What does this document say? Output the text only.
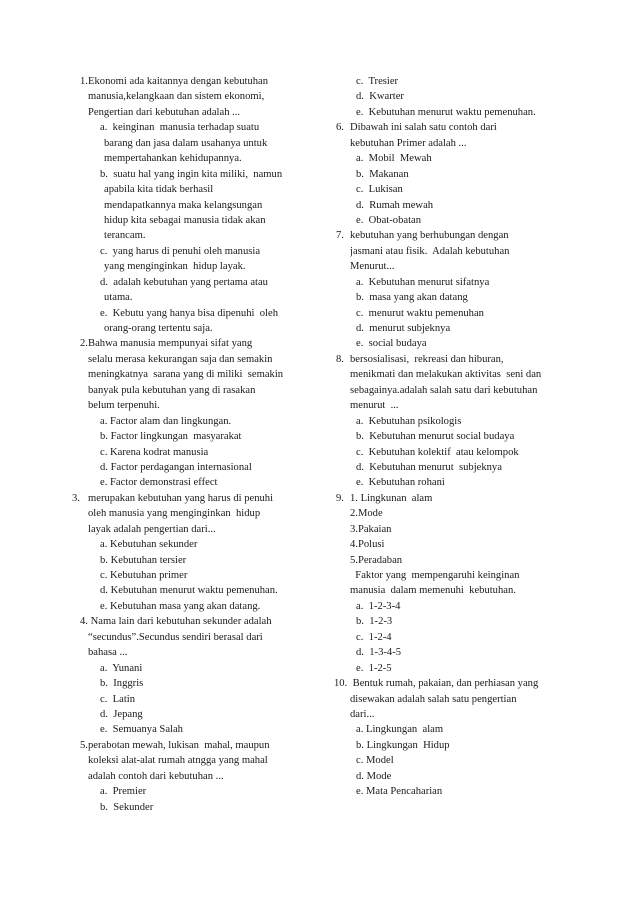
1. Ekonomi ada kaitannya dengan kebutuhan
manusia,kelangkaan dan sistem ekonomi,
Pengertian dari kebutuhan adalah ...
a.  keinginan  manusia terhadap suatu
barang dan jasa dalam usahanya untuk
mempertahankan kehidupannya.
b.  suatu hal yang ingin kita miliki,  namun
apabila kita tidak berhasil
mendapatkannya maka kelangsungan
hidup kita sebagai manusia tidak akan
terancam.
c.  yang harus di penuhi oleh manusia
yang menginginkan  hidup layak.
d.  adalah kebutuhan yang pertama atau
utama.
e.  Kebutu yang hanya bisa dipenuhi  oleh
orang-orang tertentu saja.
2. Bahwa manusia mempunyai sifat yang
selalu merasa kekurangan saja dan semakin
meningkatnya  sarana yang di miliki  semakin
banyak pula kebutuhan yang di rasakan
belum terpenuhi.
a. Factor alam dan lingkungan.
b. Factor lingkungan  masyarakat
c. Karena kodrat manusia
d. Factor perdagangan internasional
e. Factor demonstrasi effect
3. merupakan kebutuhan yang harus di penuhi
oleh manusia yang menginginkan  hidup
layak adalah pengertian dari...
a. Kebutuhan sekunder
b. Kebutuhan tersier
c. Kebutuhan primer
d. Kebutuhan menurut waktu pemenuhan.
e. Kebutuhan masa yang akan datang.
4. Nama lain dari kebutuhan sekunder adalah
“secundus”.Secundus sendiri berasal dari
bahasa ...
a.  Yunani
b.  Inggris
c.  Latin
d.  Jepang
e.  Semuanya Salah
5. perabotan mewah, lukisan  mahal, maupun
koleksi alat-alat rumah atngga yang mahal
adalah contoh dari kebutuhan ...
a.  Premier
b.  Sekunder
c.  Tresier
d.  Kwarter
e.  Kebutuhan menurut waktu pemenuhan.
6. Dibawah ini salah satu contoh dari
kebutuhan Primer adalah ...
a.  Mobil  Mewah
b.  Makanan
c.  Lukisan
d.  Rumah mewah
e.  Obat-obatan
7. kebutuhan yang berhubungan dengan
jasmani atau fisik.  Adalah kebutuhan
Menurut...
a.  Kebutuhan menurut sifatnya
b.  masa yang akan datang
c.  menurut waktu pemenuhan
d.  menurut subjeknya
e.  social budaya
8. bersosialisasi,  rekreasi dan hiburan,
menikmati dan melakukan aktivitas  seni dan
sebagainya.adalah salah satu dari kebutuhan
menurut  ...
a.  Kebutuhan psikologis
b.  Kebutuhan menurut social budaya
c.  Kebutuhan kolektif  atau kelompok
d.  Kebutuhan menurut  subjeknya
e.  Kebutuhan rohani
9. 1. Lingkunan  alam
2.Mode
3.Pakaian
4.Polusi
5.Peradaban
Faktor yang  mempengaruhi keinginan
manusia  dalam memenuhi  kebutuhan.
a.  1-2-3-4
b.  1-2-3
c.  1-2-4
d.  1-3-4-5
e.  1-2-5
10. Bentuk rumah, pakaian, dan perhiasan yang
disewakan adalah salah satu pengertian
dari...
a. Lingkungan  alam
b. Lingkungan  Hidup
c. Model
d. Mode
e. Mata Pencaharian
